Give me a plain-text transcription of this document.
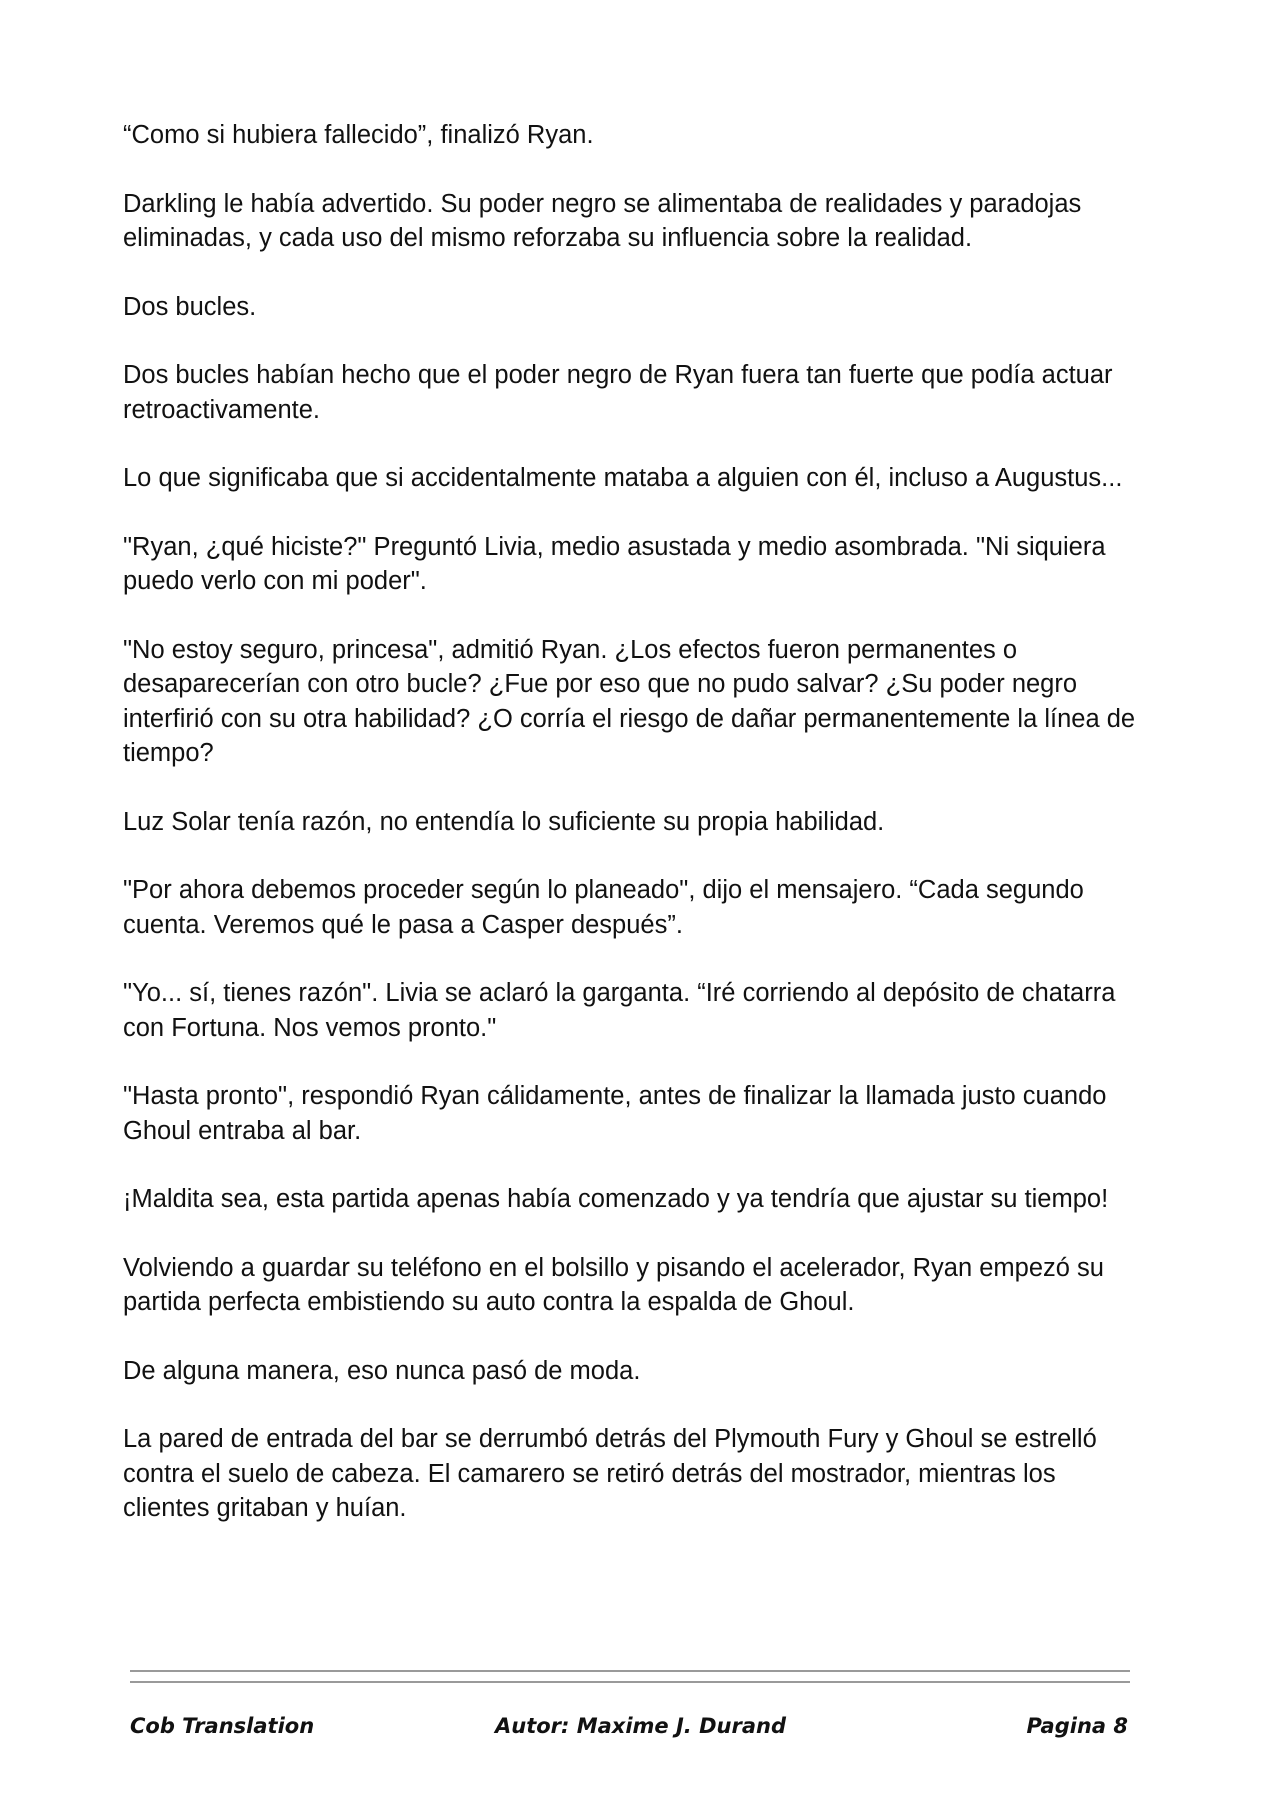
“Como si hubiera fallecido”, finalizó Ryan.

Darkling le había advertido. Su poder negro se alimentaba de realidades y paradojas eliminadas, y cada uso del mismo reforzaba su influencia sobre la realidad.

Dos bucles.

Dos bucles habían hecho que el poder negro de Ryan fuera tan fuerte que podía actuar retroactivamente.

Lo que significaba que si accidentalmente mataba a alguien con él, incluso a Augustus...

"Ryan, ¿qué hiciste?" Preguntó Livia, medio asustada y medio asombrada. "Ni siquiera puedo verlo con mi poder".

"No estoy seguro, princesa", admitió Ryan. ¿Los efectos fueron permanentes o desaparecerían con otro bucle? ¿Fue por eso que no pudo salvar? ¿Su poder negro interfirió con su otra habilidad? ¿O corría el riesgo de dañar permanentemente la línea de tiempo?

Luz Solar tenía razón, no entendía lo suficiente su propia habilidad.

"Por ahora debemos proceder según lo planeado", dijo el mensajero. “Cada segundo cuenta. Veremos qué le pasa a Casper después”.

"Yo... sí, tienes razón". Livia se aclaró la garganta. “Iré corriendo al depósito de chatarra con Fortuna. Nos vemos pronto."

"Hasta pronto", respondió Ryan cálidamente, antes de finalizar la llamada justo cuando Ghoul entraba al bar.

¡Maldita sea, esta partida apenas había comenzado y ya tendría que ajustar su tiempo!

Volviendo a guardar su teléfono en el bolsillo y pisando el acelerador, Ryan empezó su partida perfecta embistiendo su auto contra la espalda de Ghoul.

De alguna manera, eso nunca pasó de moda.

La pared de entrada del bar se derrumbó detrás del Plymouth Fury y Ghoul se estrelló contra el suelo de cabeza. El camarero se retiró detrás del mostrador, mientras los clientes gritaban y huían.

Cob Translation	Autor: Maxime J. Durand	Pagina 8
